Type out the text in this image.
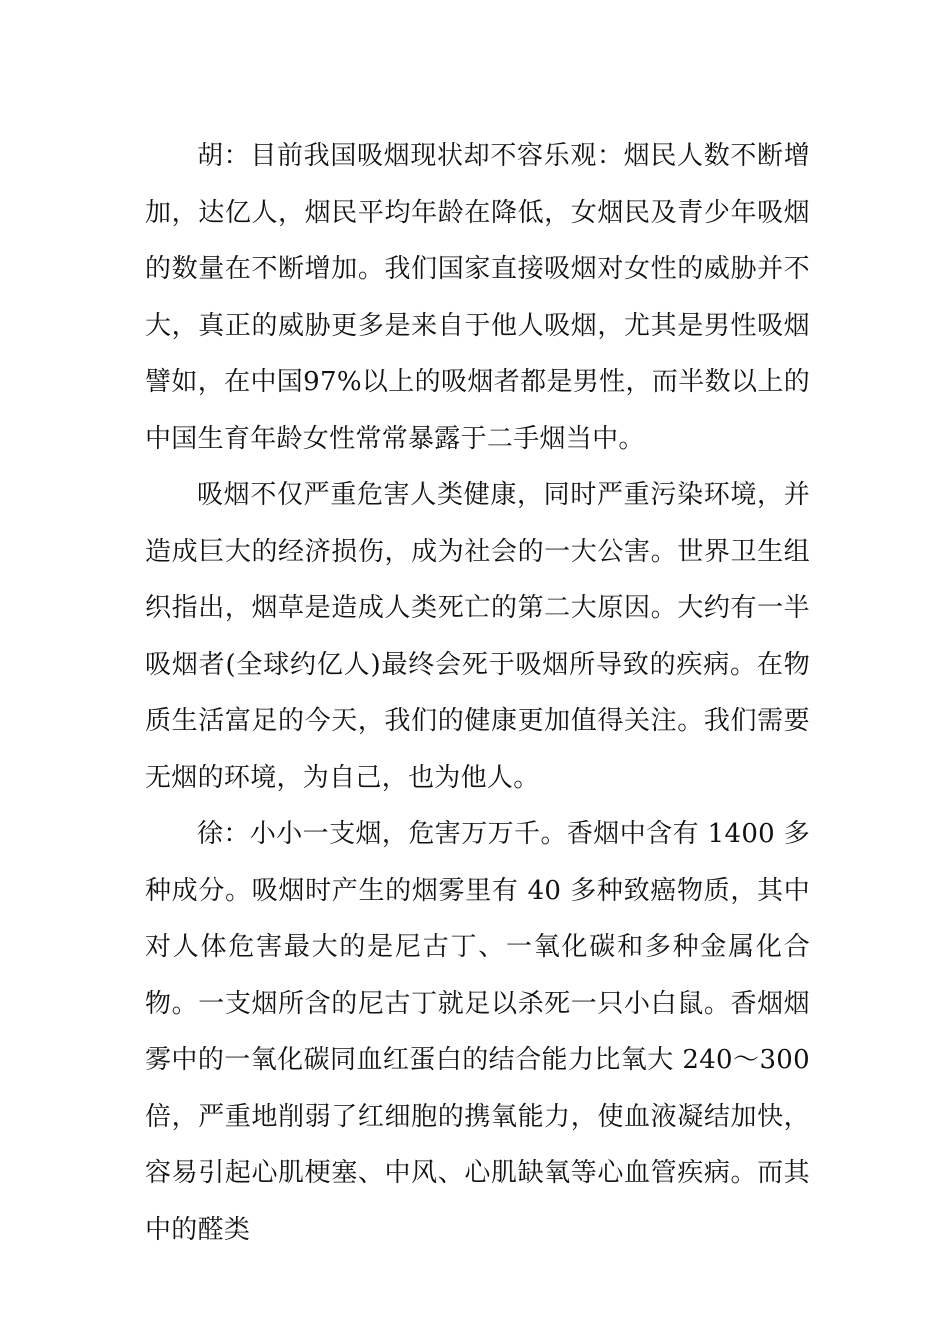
胡：目前我国吸烟现状却不容乐观：烟民人数不断增加，达亿人，烟民平均年龄在降低，女烟民及青少年吸烟的数量在不断增加。我们国家直接吸烟对女性的威胁并不大，真正的威胁更多是来自于他人吸烟，尤其是男性吸烟譬如，在中国97%以上的吸烟者都是男性，而半数以上的中国生育年龄女性常常暴露于二手烟当中。

吸烟不仅严重危害人类健康，同时严重污染环境，并造成巨大的经济损伤，成为社会的一大公害。世界卫生组织指出，烟草是造成人类死亡的第二大原因。大约有一半吸烟者(全球约亿人)最终会死于吸烟所导致的疾病。在物质生活富足的今天，我们的健康更加值得关注。我们需要无烟的环境，为自己，也为他人。

徐：小小一支烟，危害万万千。香烟中含有 1400 多种成分。吸烟时产生的烟雾里有 40 多种致癌物质，其中对人体危害最大的是尼古丁、一氧化碳和多种金属化合物。一支烟所含的尼古丁就足以杀死一只小白鼠。香烟烟雾中的一氧化碳同血红蛋白的结合能力比氧大 240～300 倍，严重地削弱了红细胞的携氧能力，使血液凝结加快，容易引起心肌梗塞、中风、心肌缺氧等心血管疾病。而其中的醛类
